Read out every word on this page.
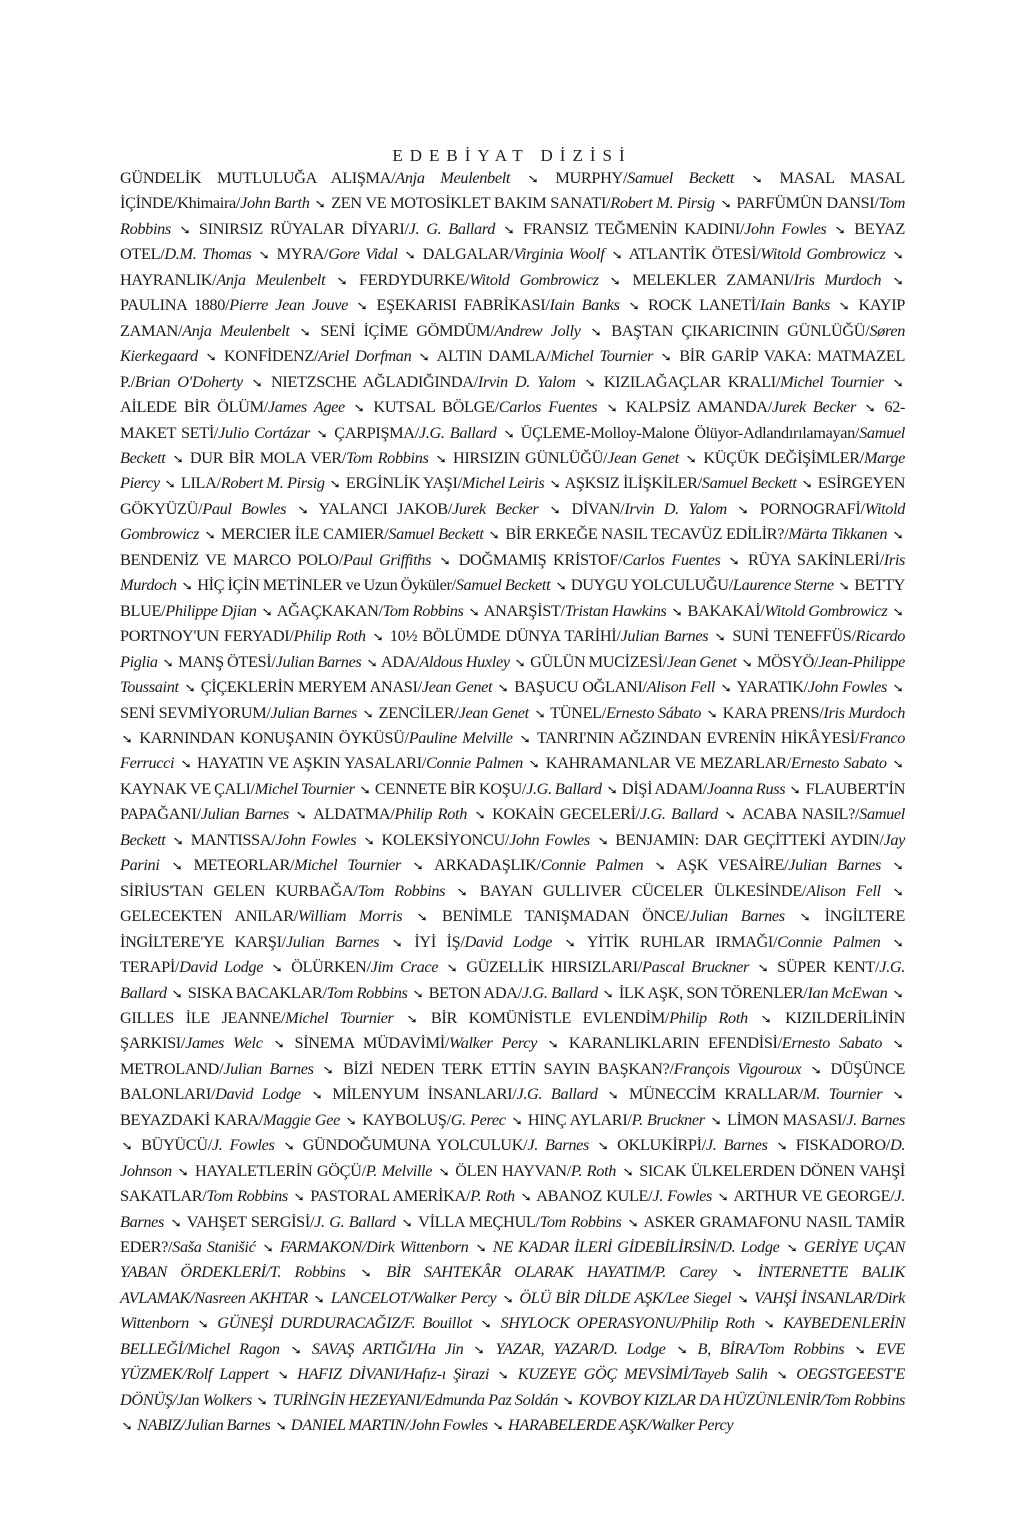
EDEBİYAT DİZİSİ
GÜNDELİK MUTLULUĞA ALIŞMA/Anja Meulenbelt ➘ MURPHY/Samuel Beckett ➘ MASAL MASAL İÇİNDE/Khimaira/John Barth ➘ ZEN VE MOTOSİKLET BAKIM SANATI/Robert M. Pirsig ➘ PARFÜMÜN DANSI/Tom Robbins ➘ SINIRSIZ RÜYALAR DİYARI/J. G. Ballard ➘ FRANSIZ TEĞMENİN KADINI/John Fowles ➘ BEYAZ OTEL/D.M. Thomas ➘ MYRA/Gore Vidal ➘ DALGALAR/Virginia Woolf ➘ ATLANTİK ÖTESİ/Witold Gombrowicz ➘ HAYRANLIK/Anja Meulenbelt ➘ FERDYDURKE/Witold Gombrowicz ➘ MELEKLER ZAMANI/Iris Murdoch ➘ PAULINA 1880/Pierre Jean Jouve ➘ EŞEKARISI FABRİKASI/Iain Banks ➘ ROCK LANETİ/Iain Banks ➘ KAYIP ZAMAN/Anja Meulenbelt ➘ SENİ İÇİME GÖMDÜM/Andrew Jolly ➘ BAŞTAN ÇIKARICININ GÜNLÜĞÜ/Søren Kierkegaard ➘ KONFİDENZ/Ariel Dorfman ➘ ALTIN DAMLA/Michel Tournier ➘ BİR GARİP VAKA: MATMAZEL P./Brian O'Doherty ➘ NIETZSCHE AĞLADIĞINDA/Irvin D. Yalom ➘ KIZILAĞAÇLAR KRALI/Michel Tournier ➘ AİLEDE BİR ÖLÜM/James Agee ➘ KUTSAL BÖLGE/Carlos Fuentes ➘ KALPSİZ AMANDA/Jurek Becker ➘ 62-MAKET SETİ/Julio Cortázar ➘ ÇARPIŞMA/J.G. Ballard ➘ ÜÇLEME-Molloy-Malone Ölüyor-Adlandırılamayan/Samuel Beckett ➘ DUR BİR MOLA VER/Tom Robbins ➘ HIRSIZIN GÜNLÜĞÜ/Jean Genet ➘ KÜÇÜK DEĞİŞİMLER/Marge Piercy ➘ LILA/Robert M. Pirsig ➘ ERGİNLİK YAŞI/Michel Leiris ➘ AŞKSIZ İLİŞKİLER/Samuel Beckett ➘ ESİRGEYEN GÖKYÜZÜ/Paul Bowles ➘ YALANCI JAKOB/Jurek Becker ➘ DİVAN/Irvin D. Yalom ➘ PORNOGRAFİ/Witold Gombrowicz ➘ MERCIER İLE CAMIER/Samuel Beckett ➘ BİR ERKEĞE NASIL TECAVÜZ EDİLİR?/Märta Tikkanen ➘ BENDENİZ VE MARCO POLO/Paul Griffiths ➘ DOĞMAMIŞ KRİSTOF/Carlos Fuentes ➘ RÜYA SAKİNLERİ/Iris Murdoch ➘ HİÇ İÇİN METİNLER ve Uzun Öyküler/Samuel Beckett ➘ DUYGU YOLCULUĞU/Laurence Sterne ➘ BETTY BLUE/Philippe Djian ➘ AĞAÇKAKAN/Tom Robbins ➘ ANARŞİST/Tristan Hawkins ➘ BAKAKAİ/Witold Gombrowicz ➘ PORTNOY'UN FERYADI/Philip Roth ➘ 10½ BÖLÜMDE DÜNYA TARİHİ/Julian Barnes ➘ SUNİ TENEFFÜS/Ricardo Piglia ➘ MANŞ ÖTESİ/Julian Barnes ➘ ADA/Aldous Huxley ➘ GÜLÜN MUCİZESİ/Jean Genet ➘ MÖSYÖ/Jean-Philippe Toussaint ➘ ÇİÇEKLERİN MERYEM ANASI/Jean Genet ➘ BAŞUCU OĞLANI/Alison Fell ➘ YARATIK/John Fowles ➘ SENİ SEVMİYORUM/Julian Barnes ➘ ZENCİLER/Jean Genet ➘ TÜNEL/Ernesto Sábato ➘ KARA PRENS/Iris Murdoch ➘ KARNINDAN KONUŞANIN ÖYKÜSÜ/Pauline Melville ➘ TANRI'NIN AĞZINDAN EVRENİN HİKÂYESİ/Franco Ferrucci ➘ HAYATIN VE AŞKIN YASALARI/Connie Palmen ➘ KAHRAMANLAR VE MEZARLAR/Ernesto Sabato ➘ KAYNAK VE ÇALI/Michel Tournier ➘ CENNETE BİR KOŞU/J.G. Ballard ➘ DİŞİ ADAM/Joanna Russ ➘ FLAUBERT'İN PAPAĞANI/Julian Barnes ➘ ALDATMA/Philip Roth ➘ KOKAİN GECELERİ/J.G. Ballard ➘ ACABA NASIL?/Samuel Beckett ➘ MANTISSA/John Fowles ➘ KOLEKSİYONCU/John Fowles ➘ BENJAMIN: DAR GEÇİTTEKİ AYDIN/Jay Parini ➘ METEORLAR/Michel Tournier ➘ ARKADAŞLIK/Connie Palmen ➘ AŞK VESAİRE/Julian Barnes ➘ SİRİUS'TAN GELEN KURBAĞA/Tom Robbins ➘ BAYAN GULLIVER CÜCELER ÜLKESİNDE/Alison Fell ➘ GELECEKTEN ANILAR/William Morris ➘ BENİMLE TANIŞMADAN ÖNCE/Julian Barnes ➘ İNGİLTERE İNGİLTERE'YE KARŞI/Julian Barnes ➘ İYİ İŞ/David Lodge ➘ YİTİK RUHLAR IRMAĞI/Connie Palmen ➘ TERAPİ/David Lodge ➘ ÖLÜRKEN/Jim Crace ➘ GÜZELLİK HIRSIZLARI/Pascal Bruckner ➘ SÜPER KENT/J.G. Ballard ➘ SISKA BACAKLAR/Tom Robbins ➘ BETON ADA/J.G. Ballard ➘ İLK AŞK, SON TÖRENLER/Ian McEwan ➘ GILLES İLE JEANNE/Michel Tournier ➘ BİR KOMÜNİSTLE EVLENDİM/Philip Roth ➘ KIZILDERİLİNİN ŞARKISI/James Welc ➘ SİNEMA MÜDAVİMİ/Walker Percy ➘ KARANLIKLARIN EFENDİSİ/Ernesto Sabato ➘ METROLAND/Julian Barnes ➘ BİZİ NEDEN TERK ETTİN SAYIN BAŞKAN?/François Vigouroux ➘ DÜŞÜNCE BALONLARI/David Lodge ➘ MİLENYUM İNSANLARI/J.G. Ballard ➘ MÜNECCİM KRALLAR/M. Tournier ➘ BEYAZDAKİ KARA/Maggie Gee ➘ KAYBOLUŞ/G. Perec ➘ HINÇ AYLARI/P. Bruckner ➘ LİMON MASASI/J. Barnes ➘ BÜYÜCÜ/J. Fowles ➘ GÜNDOĞUMUNA YOLCULUK/J. Barnes ➘ OKLUKİRPİ/J. Barnes ➘ FISKADORO/D. Johnson ➘ HAYALETLERİN GÖÇÜ/P. Melville ➘ ÖLEN HAYVAN/P. Roth ➘ SICAK ÜLKELERDEN DÖNEN VAHŞİ SAKATLAR/Tom Robbins ➘ PASTORAL AMERİKA/P. Roth ➘ ABANOZ KULE/J. Fowles ➘ ARTHUR VE GEORGE/J. Barnes ➘ VAHŞET SERGİSİ/J. G. Ballard ➘ VİLLA MEÇHUL/Tom Robbins ➘ ASKER GRAMAFONU NASIL TAMİR EDER?/Saša Stanišić ➘ FARMAKON/Dirk Wittenborn ➘ NE KADAR İLERİ GİDEBİLİRSİN/D. Lodge ➘ GERİYE UÇAN YABAN ÖRDEKLERİ/T. Robbins ➘ BİR SAHTEKÂR OLARAK HAYATIM/P. Carey ➘ İNTERNETTE BALIK AVLAMAK/Nasreen AKHTAR ➘ LANCELOT/Walker Percy ➘ ÖLÜ BİR DİLDE AŞK/Lee Siegel ➘ VAHŞİ İNSANLAR/Dirk Wittenborn ➘ GÜNEŞİ DURDURACAĞIZ/F. Bouillot ➘ SHYLOCK OPERASYONU/Philip Roth ➘ KAYBEDENLERİN BELLEĞİ/Michel Ragon ➘ SAVAŞ ARTIĞI/Ha Jin ➘ YAZAR, YAZAR/D. Lodge ➘ B, BİRA/Tom Robbins ➘ EVE YÜZMEK/Rolf Lappert ➘ HAFIZ DİVANI/Hafız-ı Şirazi ➘ KUZEYE GÖÇ MEVSİMİ/Tayeb Salih ➘ OEGSTGEEST'E DÖNÜŞ/Jan Wolkers ➘ TURİNGİN HEZEYANI/Edmunda Paz Soldán ➘ KOVBOY KIZLAR DA HÜZÜNLENİR/Tom Robbins ➘ NABIZ/Julian Barnes ➘ DANIEL MARTIN/John Fowles ➘ HARABELERDE AŞK/Walker Percy
